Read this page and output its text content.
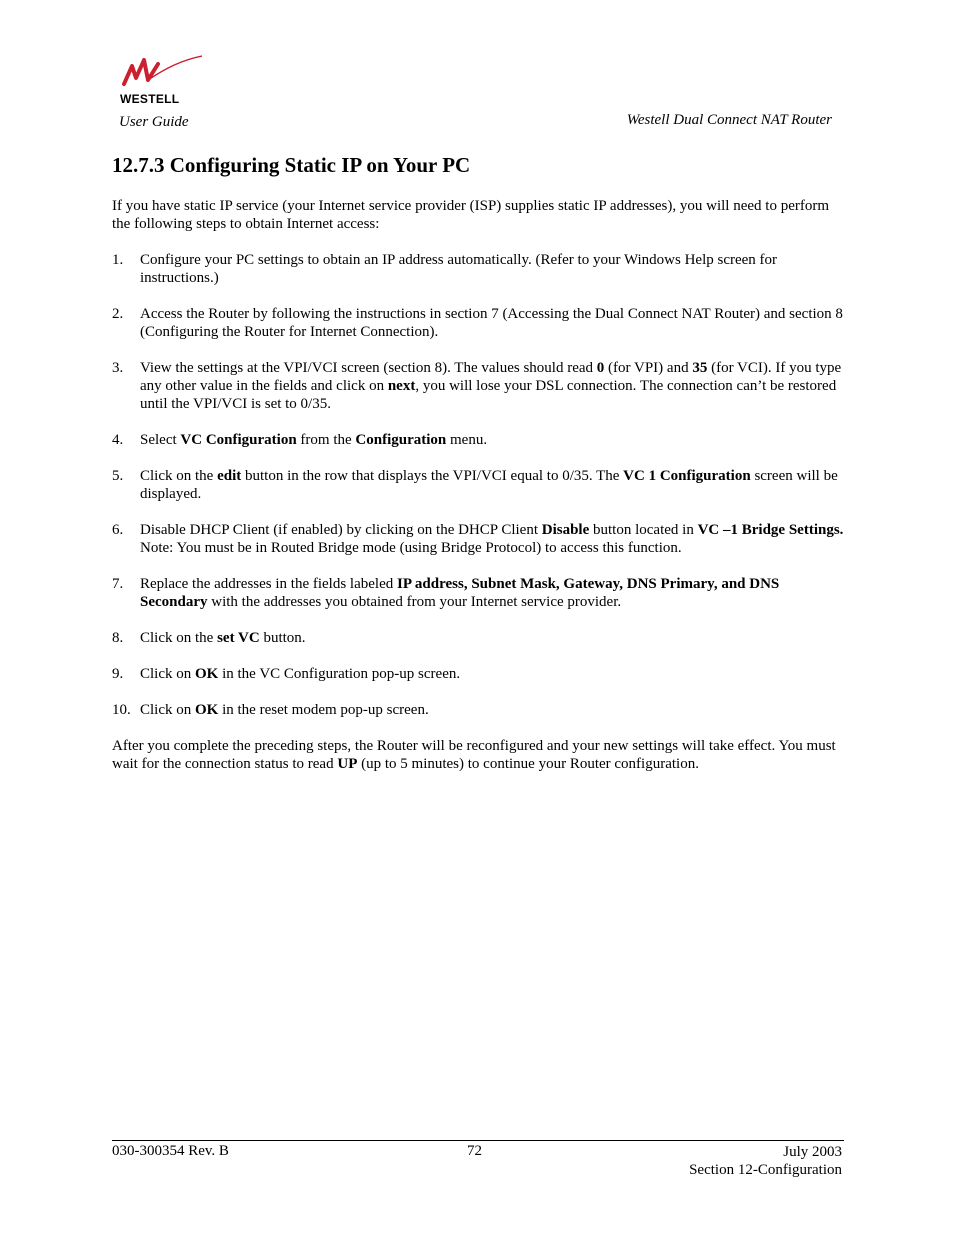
WESTELL
User Guide	Westell Dual Connect NAT Router
12.7.3 Configuring Static IP on Your PC

If you have static IP service (your Internet service provider (ISP) supplies static IP addresses), you will need to perform the following steps to obtain Internet access:

1.	Configure your PC settings to obtain an IP address automatically. (Refer to your Windows Help screen for instructions.)
2.	Access the Router by following the instructions in section 7 (Accessing the Dual Connect NAT Router) and section 8 (Configuring the Router for Internet Connection).
3.	View the settings at the VPI/VCI screen (section 8). The values should read 0 (for VPI) and 35 (for VCI). If you type any other value in the fields and click on next, you will lose your DSL connection. The connection can’t be restored until the VPI/VCI is set to 0/35.
4.	Select VC Configuration from the Configuration menu.
5.	Click on the edit button in the row that displays the VPI/VCI equal to 0/35. The VC 1 Configuration screen will be displayed.
6.	Disable DHCP Client (if enabled) by clicking on the DHCP Client Disable button located in VC –1 Bridge Settings. Note: You must be in Routed Bridge mode (using Bridge Protocol) to access this function.
7.	Replace the addresses in the fields labeled IP address, Subnet Mask, Gateway, DNS Primary, and DNS Secondary with the addresses you obtained from your Internet service provider.
8.	Click on the set VC button.
9.	Click on OK in the VC Configuration pop-up screen.
10. Click on OK in the reset modem pop-up screen.

After you complete the preceding steps, the Router will be reconfigured and your new settings will take effect. You must wait for the connection status to read UP (up to 5 minutes) to continue your Router configuration.

030-300354 Rev. B	72	July 2003
Section 12-Configuration
